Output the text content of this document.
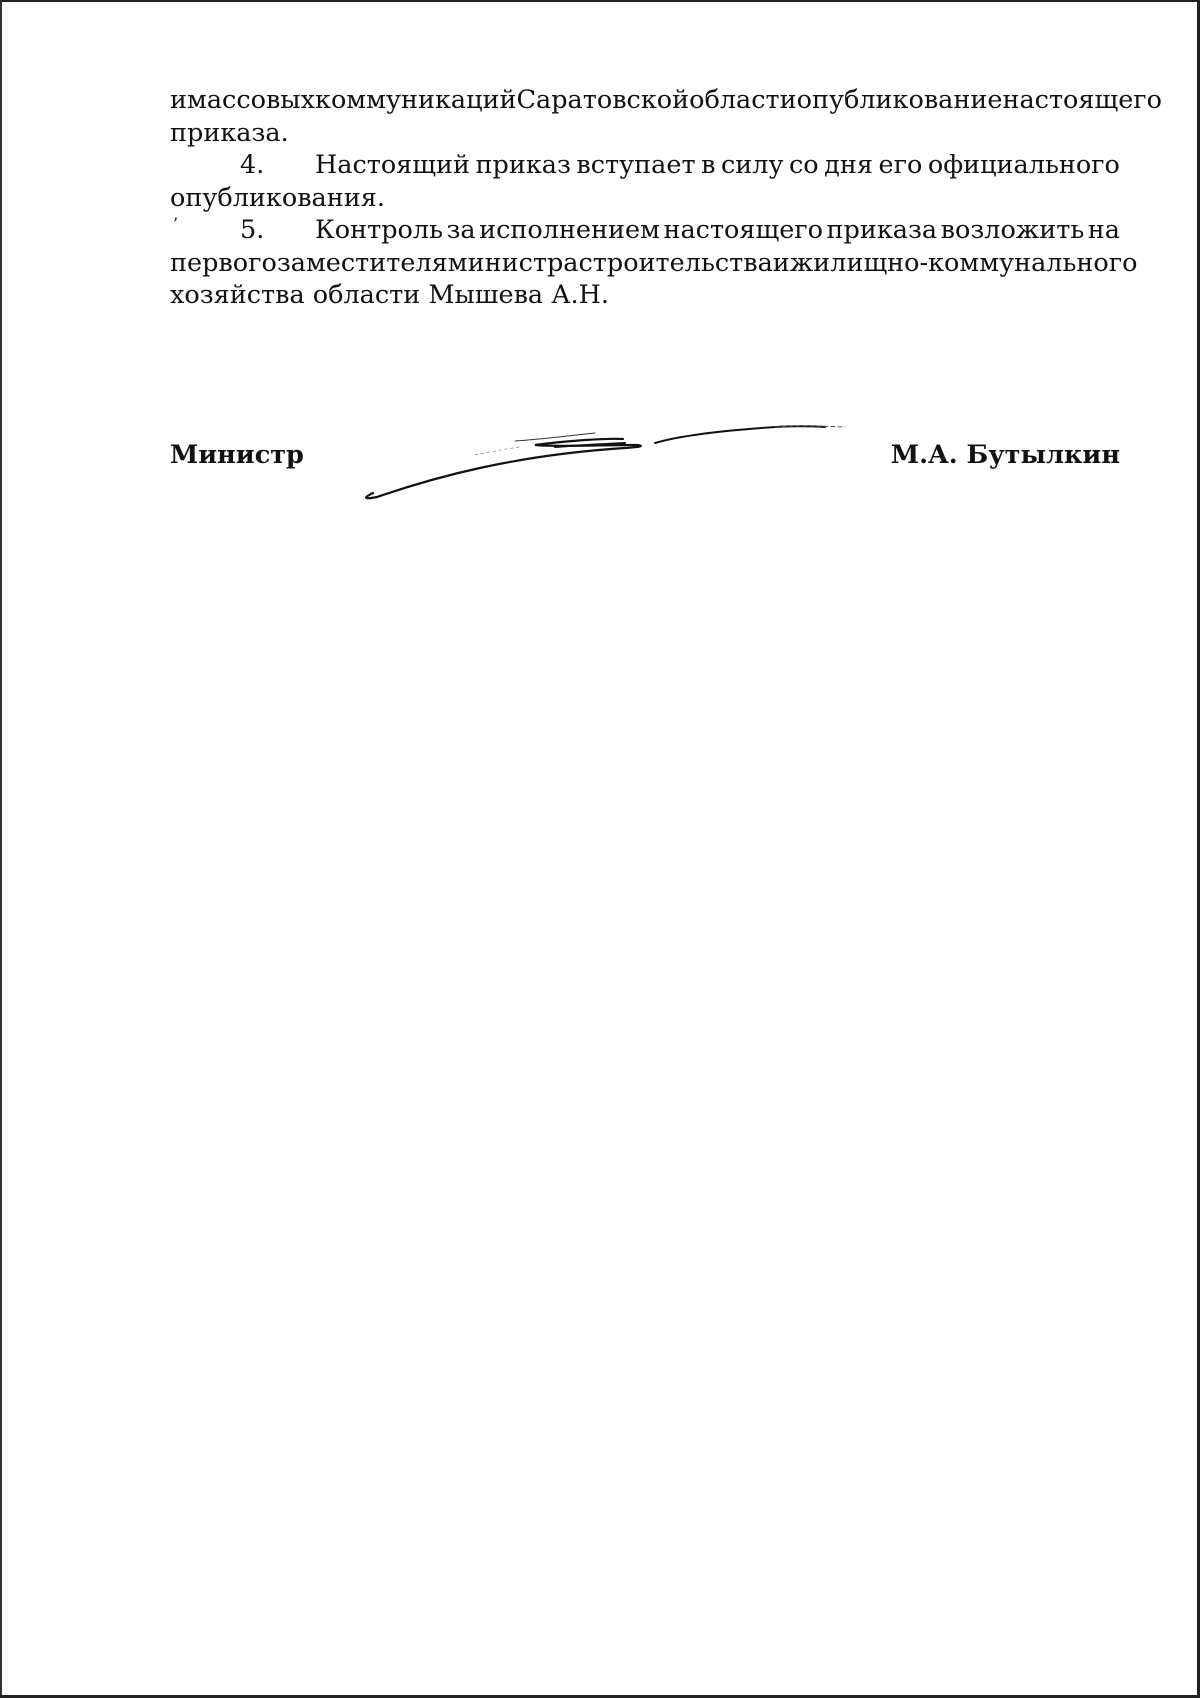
и массовых коммуникаций Саратовской области опубликование настоящего
приказа.
4.	Настоящий приказ вступает в силу со дня его официального
опубликования.
5.	Контроль за исполнением настоящего приказа возложить на
первого заместителя министра строительства и жилищно-коммунального
хозяйства области Мышева А.Н.
’
Министр	М.А. Бутылкин
